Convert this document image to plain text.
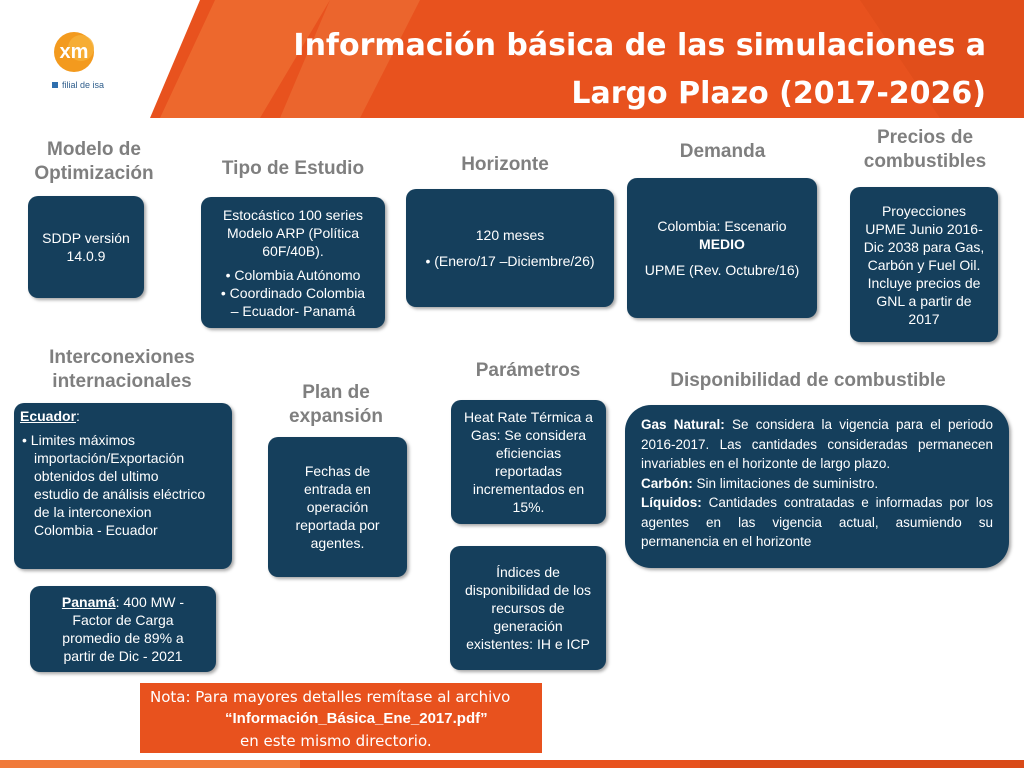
xm
filial de isa
Información básica de las simulaciones a
Largo Plazo (2017-2026)
Modelo de
Optimización
SDDP versión
14.0.9
Tipo de Estudio
Estocástico 100 series
Modelo ARP (Política
60F/40B).
• Colombia Autónomo
• Coordinado Colombia
– Ecuador- Panamá
Horizonte
120 meses
• (Enero/17 –Diciembre/26)
Demanda
Colombia: Escenario
MEDIO
UPME (Rev. Octubre/16)
Precios de
combustibles
Proyecciones
UPME Junio 2016-
Dic 2038 para Gas,
Carbón y Fuel Oil.
Incluye precios de
GNL a partir de
2017
Interconexiones
internacionales
Ecuador:
• Limites máximos
importación/Exportación
obtenidos del ultimo
estudio de análisis eléctrico
de la interconexion
Colombia - Ecuador
Panamá: 400 MW -
Factor de Carga
promedio de 89% a
partir de Dic - 2021
Plan de
expansión
Fechas de
entrada en
operación
reportada por
agentes.
Parámetros
Heat Rate Térmica a
Gas: Se considera
eficiencias
reportadas
incrementados en
15%.
Índices de
disponibilidad de los
recursos de
generación
existentes: IH e ICP
Disponibilidad de combustible
Gas Natural: Se considera la vigencia para el periodo 2016-2017. Las cantidades consideradas permanecen invariables en el horizonte de largo plazo.
Carbón: Sin limitaciones de suministro.
Líquidos: Cantidades contratadas e informadas por los agentes en las vigencia actual, asumiendo su permanencia en el horizonte
Nota: Para mayores detalles remítase al archivo
“Información_Básica_Ene_2017.pdf”
en este mismo directorio.
